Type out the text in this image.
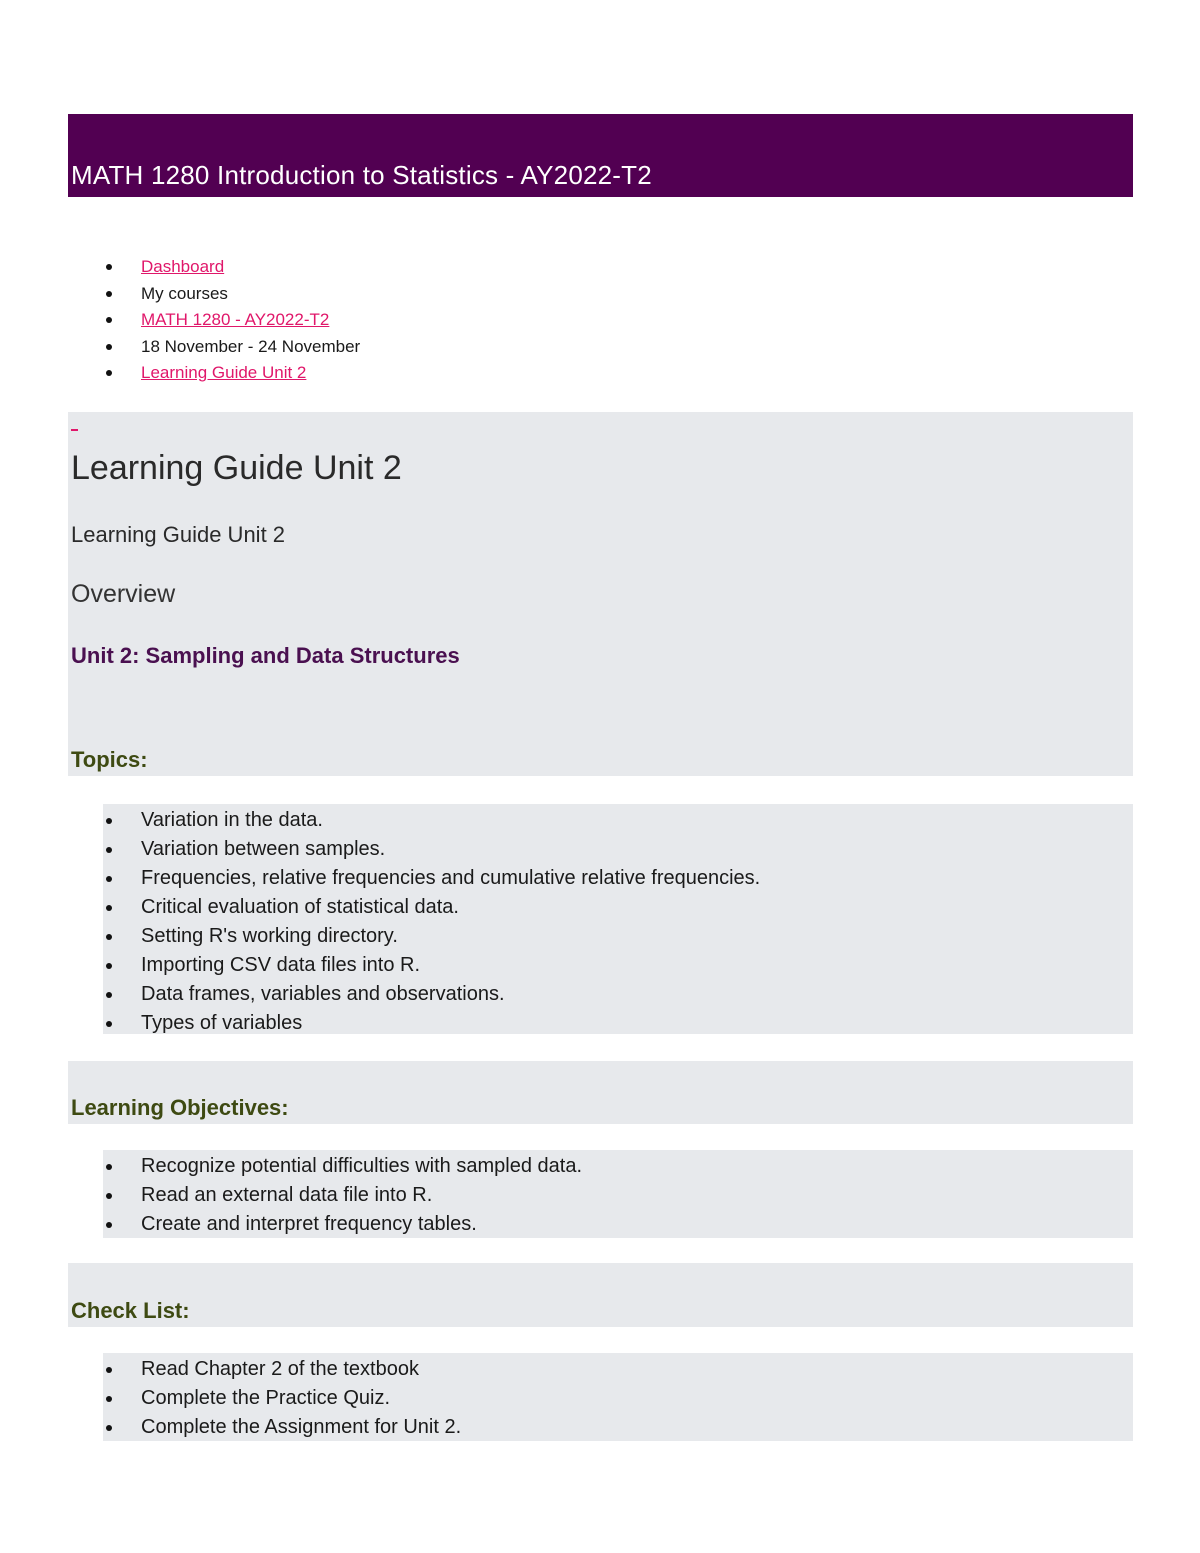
MATH 1280 Introduction to Statistics - AY2022-T2
Dashboard
My courses
MATH 1280 - AY2022-T2
18 November - 24 November
Learning Guide Unit 2
Learning Guide Unit 2
Learning Guide Unit 2
Overview
Unit 2: Sampling and Data Structures
Topics:
Variation in the data.
Variation between samples.
Frequencies, relative frequencies and cumulative relative frequencies.
Critical evaluation of statistical data.
Setting R's working directory.
Importing CSV data files into R.
Data frames, variables and observations.
Types of variables
Learning Objectives:
Recognize potential difficulties with sampled data.
Read an external data file into R.
Create and interpret frequency tables.
Check List:
Read Chapter 2 of the textbook
Complete the Practice Quiz.
Complete the Assignment for Unit 2.
